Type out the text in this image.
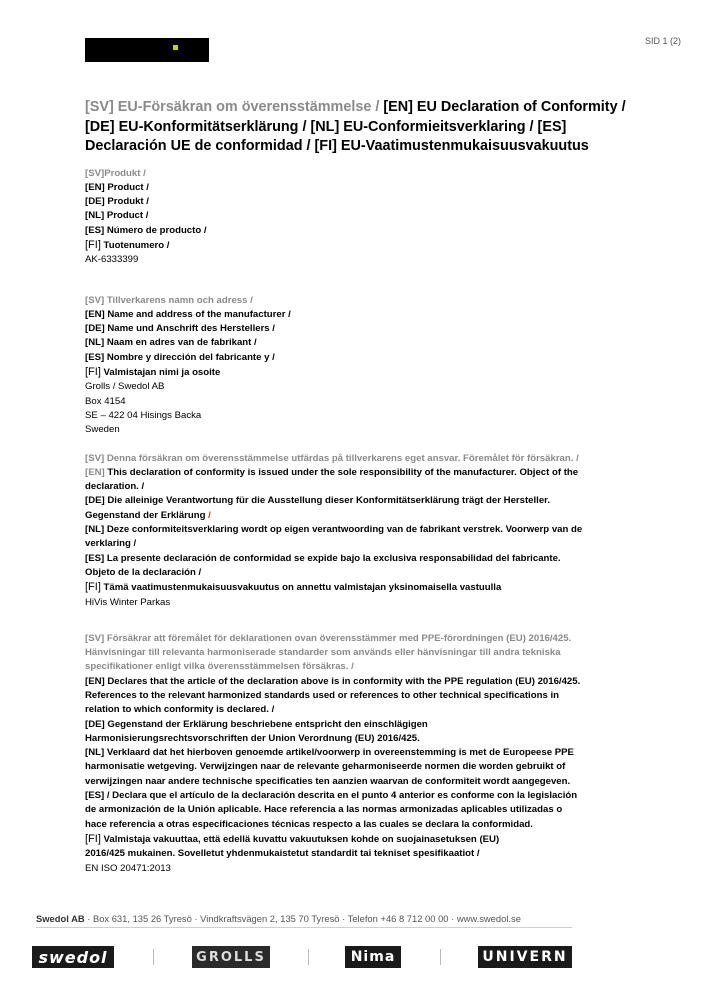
SID 1 (2)
[SV] EU-Försäkran om överensstämmelse / [EN] EU Declaration of Conformity /
[DE] EU-Konformitätserklärung / [NL] EU-Conformieitsverklaring / [ES]
Declaración UE de conformidad / [FI] EU-Vaatimustenmukaisuusvakuutus
[SV]Produkt /
[EN] Product /
[DE] Produkt /
[NL] Product /
[ES] Número de producto /
[FI] Tuotenumero /
AK-6333399
[SV] Tillverkarens namn och adress /
[EN] Name and address of the manufacturer /
[DE] Name und Anschrift des Herstellers /
[NL] Naam en adres van de fabrikant /
[ES] Nombre y dirección del fabricante y /
[FI] Valmistajan nimi ja osoite
Grolls / Swedol AB
Box 4154
SE – 422 04 Hisings Backa
Sweden
[SV] Denna försäkran om överensstämmelse utfärdas på tillverkarens eget ansvar. Föremålet för försäkran. /
[EN] This declaration of conformity is issued under the sole responsibility of the manufacturer. Object of the
declaration. /
[DE] Die alleinige Verantwortung für die Ausstellung dieser Konformitätserklärung trägt der Hersteller.
Gegenstand der Erklärung /
[NL] Deze conformiteitsverklaring wordt op eigen verantwoording van de fabrikant verstrek. Voorwerp van de
verklaring /
[ES] La presente declaración de conformidad se expide bajo la exclusiva responsabilidad del fabricante.
Objeto de la declaración /
[FI] Tämä vaatimustenmukaisuusvakuutus on annettu valmistajan yksinomaisella vastuulla
HiVis Winter Parkas
[SV] Försäkrar att föremålet för deklarationen ovan överensstämmer med PPE-förordningen (EU) 2016/425.
Hänvisningar till relevanta harmoniserade standarder som används eller hänvisningar till andra tekniska
specifikationer enligt vilka överensstämmelsen försäkras. /
[EN] Declares that the article of the declaration above is in conformity with the PPE regulation (EU) 2016/425.
References to the relevant harmonized standards used or references to other technical specifications in
relation to which conformity is declared. /
[DE] Gegenstand der Erklärung beschriebene entspricht den einschlägigen
Harmonisierungsrechtsvorschriften der Union Verordnung (EU) 2016/425.
[NL] Verklaard dat het hierboven genoemde artikel/voorwerp in overeenstemming is met de Europeese PPE
harmonisatie wetgeving. Verwijzingen naar de relevante geharmoniseerde normen die worden gebruikt of
verwijzingen naar andere technische specificaties ten aanzien waarvan de conformiteit wordt aangegeven.
[ES] / Declara que el artículo de la declaración descrita en el punto 4 anterior es conforme con la legislación
de armonización de la Unión aplicable. Hace referencia a las normas armonizadas aplicables utilizadas o
hace referencia a otras especificaciones técnicas respecto a las cuales se declara la conformidad.
[FI] Valmistaja vakuuttaa, että edellä kuvattu vakuutuksen kohde on suojainasetuksen (EU)
2016/425 mukainen. Sovelletut yhdenmukaistetut standardit tai tekniset spesifikaatiot /
EN ISO 20471:2013
Swedol AB · Box 631, 135 26 Tyresö · Vindkraftsvägen 2, 135 70 Tyresö · Telefon +46 8 712 00 00 · www.swedol.se
swedol	GROLLS	Nima	UNIVERN
